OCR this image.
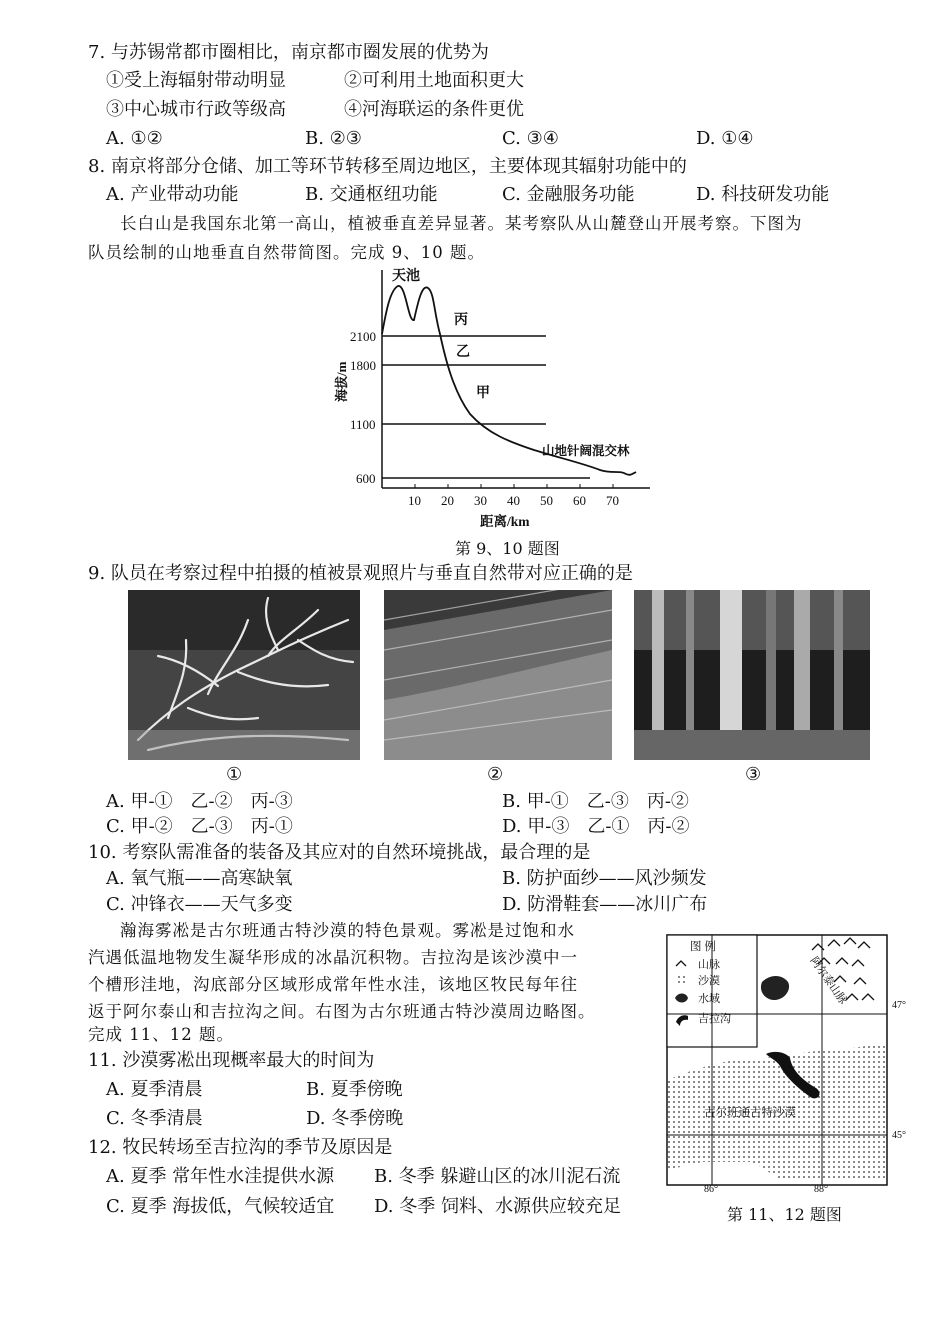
7. 与苏锡常都市圈相比，南京都市圈发展的优势为
①受上海辐射带动明显	②可利用土地面积更大
③中心城市行政等级高	④河海联运的条件更优
A. ①②	B. ②③	C. ③④	D. ①④
8. 南京将部分仓储、加工等环节转移至周边地区，主要体现其辐射功能中的
A. 产业带动功能	B. 交通枢纽功能	C. 金融服务功能	D. 科技研发功能
长白山是我国东北第一高山，植被垂直差异显著。某考察队从山麓登山开展考察。下图为
队员绘制的山地垂直自然带简图。完成 9、10 题。
天池
丙
乙
甲
山地针阔混交林
2100
1800
1100
600
10 20 30 40 50 60 70
距离/km
海拔/m
第 9、10 题图
9. 队员在考察过程中拍摄的植被景观照片与垂直自然带对应正确的是
①	②	③
A. 甲-①　乙-②　丙-③	B. 甲-①　乙-③　丙-②
C. 甲-②　乙-③　丙-①	D. 甲-③　乙-①　丙-②
10. 考察队需准备的装备及其应对的自然环境挑战，最合理的是
A. 氧气瓶——高寒缺氧	B. 防护面纱——风沙频发
C. 冲锋衣——天气多变	D. 防滑鞋套——冰川广布
瀚海雾凇是古尔班通古特沙漠的特色景观。雾凇是过饱和水
汽遇低温地物发生凝华形成的冰晶沉积物。吉拉沟是该沙漠中一
个槽形洼地，沟底部分区域形成常年性水洼，该地区牧民每年往
返于阿尔泰山和吉拉沟之间。右图为古尔班通古特沙漠周边略图。
完成 11、12 题。
11. 沙漠雾凇出现概率最大的时间为
A. 夏季清晨	B. 夏季傍晚
C. 冬季清晨	D. 冬季傍晚
12. 牧民转场至吉拉沟的季节及原因是
A. 夏季 常年性水洼提供水源 B. 冬季 躲避山区的冰川泥石流
C. 夏季 海拔低，气候较适宜 D. 冬季 饲料、水源供应较充足
图 例
山脉
沙漠
水域
吉拉沟
阿尔泰山脉
古尔班通古特沙漠
47°
45°
86°	88°
第 11、12 题图
